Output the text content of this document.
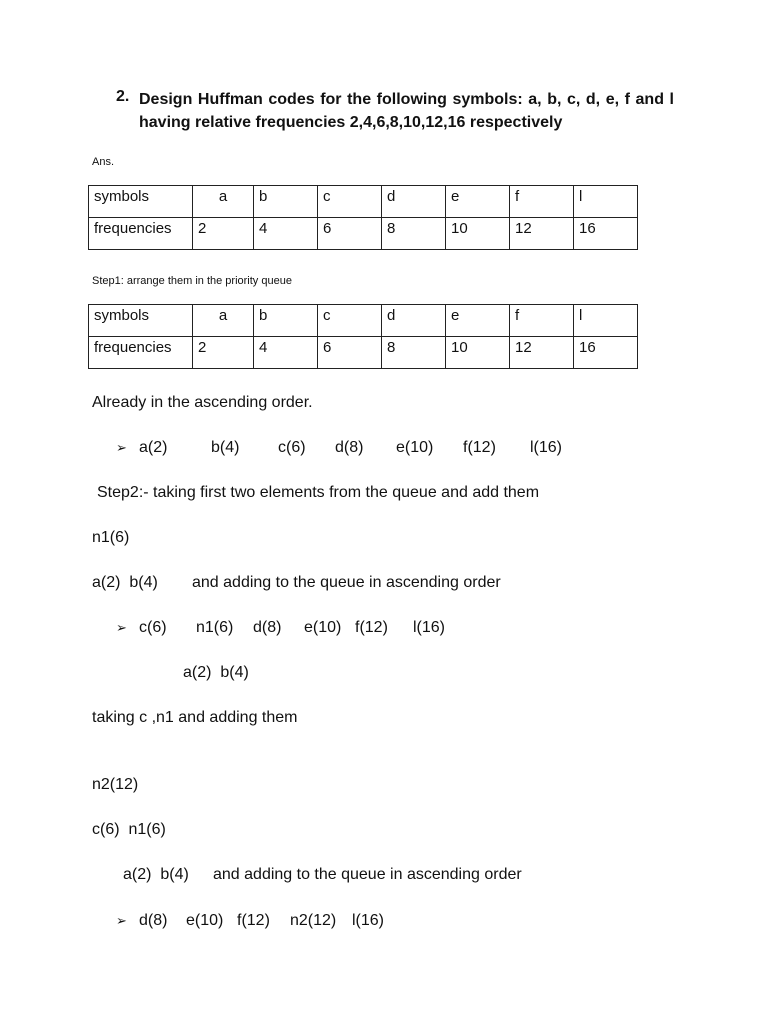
2. Design Huffman codes for the following symbols: a, b, c, d, e, f and l having relative frequencies 2,4,6,8,10,12,16 respectively
Ans.
symbols	a	b	c	d	e	f	l
frequencies	2	4	6	8	10	12	16
Step1: arrange them in the priority queue
symbols	a	b	c	d	e	f	l
frequencies	2	4	6	8	10	12	16
Already in the ascending order.
➢ a(2)	b(4) c(6) d(8) e(10) f(12) l(16)
Step2:- taking first two elements from the queue and add them
n1(6)
a(2)  b(4) and adding to the queue in ascending order
➢ c(6) n1(6) d(8) e(10) f(12) l(16)
a(2)  b(4)
taking c ,n1 and adding them
n2(12)
c(6)  n1(6)
a(2)  b(4) and adding to the queue in ascending order
➢ d(8) e(10) f(12) n2(12) l(16)
